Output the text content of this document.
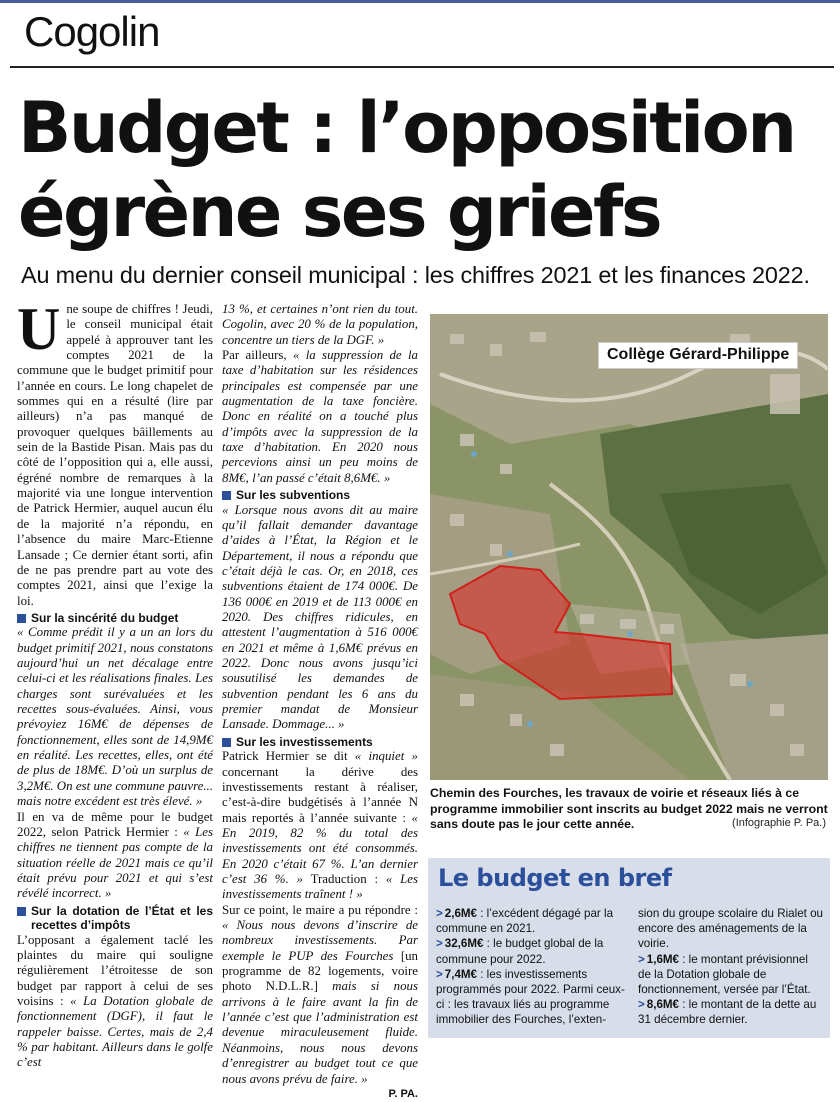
Cogolin
Budget : l’opposition
égrène ses griefs
Au menu du dernier conseil municipal : les chiffres 2021 et les finances 2022.

Une soupe de chiffres ! Jeudi, le conseil municipal était appelé à approuver tant les comptes 2021 de la commune que le budget primitif pour l’année en cours. Le long chapelet de sommes qui en a résulté (lire par ailleurs) n’a pas manqué de provoquer quelques bâillements au sein de la Bastide Pisan. Mais pas du côté de l’opposition qui a, elle aussi, égréné nombre de remarques à la majorité via une longue intervention de Patrick Hermier, auquel aucun élu de la majorité n’a répondu, en l’absence du maire Marc-Etienne Lansade ; Ce dernier étant sorti, afin de ne pas prendre part au vote des comptes 2021, ainsi que l’exige la loi.

Sur la sincérité du budget

« Comme prédit il y a un an lors du budget primitif 2021, nous constatons aujourd’hui un net décalage entre celui-ci et les réalisations finales. Les charges sont surévaluées et les recettes sous-évaluées. Ainsi, vous prévoyiez 16M€ de dépenses de fonctionnement, elles sont de 14,9M€ en réalité. Les recettes, elles, ont été de plus de 18M€. D’où un surplus de 3,2M€. On est une commune pauvre... mais notre excédent est très élevé. »

Il en va de même pour le budget 2022, selon Patrick Hermier : « Les chiffres ne tiennent pas compte de la situation réelle de 2021 mais ce qu’il était prévu pour 2021 et qui s’est révélé incorrect. »

Sur la dotation de l’État et les recettes d’impôts

L’opposant a également taclé les plaintes du maire qui souligne régulièrement l’étroitesse de son budget par rapport à celui de ses voisins : « La Dotation globale de fonctionnement (DGF), il faut le rappeler baisse. Certes, mais de 2,4 % par habitant. Ailleurs dans le golfe c’est

13 %, et certaines n’ont rien du tout. Cogolin, avec 20 % de la population, concentre un tiers de la DGF. »

Par ailleurs, « la suppression de la taxe d’habitation sur les résidences principales est compensée par une augmentation de la taxe foncière. Donc en réalité on a touché plus d’impôts avec la suppression de la taxe d’habitation. En 2020 nous percevions ainsi un peu moins de 8M€, l’an passé c’était 8,6M€. »

Sur les subventions

« Lorsque nous avons dit au maire qu’il fallait demander davantage d’aides à l’État, la Région et le Département, il nous a répondu que c’était déjà le cas. Or, en 2018, ces subventions étaient de 174 000€. De 136 000€ en 2019 et de 113 000€ en 2020. Des chiffres ridicules, en attestent l’augmentation à 516 000€ en 2021 et même à 1,6M€ prévus en 2022. Donc nous avons jusqu’ici sousutilisé les demandes de subvention pendant les 6 ans du premier mandat de Monsieur Lansade. Dommage... »

Sur les investissements

Patrick Hermier se dit « inquiet » concernant la dérive des investissements restant à réaliser, c’est-à-dire budgétisés à l’année N mais reportés à l’année suivante : « En 2019, 82 % du total des investissements ont été consommés. En 2020 c’était 67 %. L’an dernier c’est 36 %. » Traduction : « Les investissements traînent ! »

Sur ce point, le maire a pu répondre : « Nous nous devons d’inscrire de nombreux investissements. Par exemple le PUP des Fourches [un programme de 82 logements, voire photo N.D.L.R.] mais si nous arrivons à le faire avant la fin de l’année c’est que l’administration est devenue miraculeusement fluide. Néanmoins, nous nous devons d’enregistrer au budget tout ce que nous avons prévu de faire. »

P. PA.
Collège Gérard-Philippe
Chemin des Fourches, les travaux de voirie et réseaux liés à ce programme immobilier sont inscrits au budget 2022 mais ne verront sans doute pas le jour cette année.	(Infographie P. Pa.)
Le budget en bref
> 2,6M€ : l’excédent dégagé par la commune en 2021.
> 32,6M€ : le budget global de la commune pour 2022.
> 7,4M€ : les investissements programmés pour 2022. Parmi ceux-ci : les travaux liés au programme immobilier des Fourches, l’exten-
sion du groupe scolaire du Rialet ou encore des aménagements de la voirie.
> 1,6M€ : le montant prévisionnel de la Dotation globale de fonctionnement, versée par l’État.
> 8,6M€ : le montant de la dette au 31 décembre dernier.
